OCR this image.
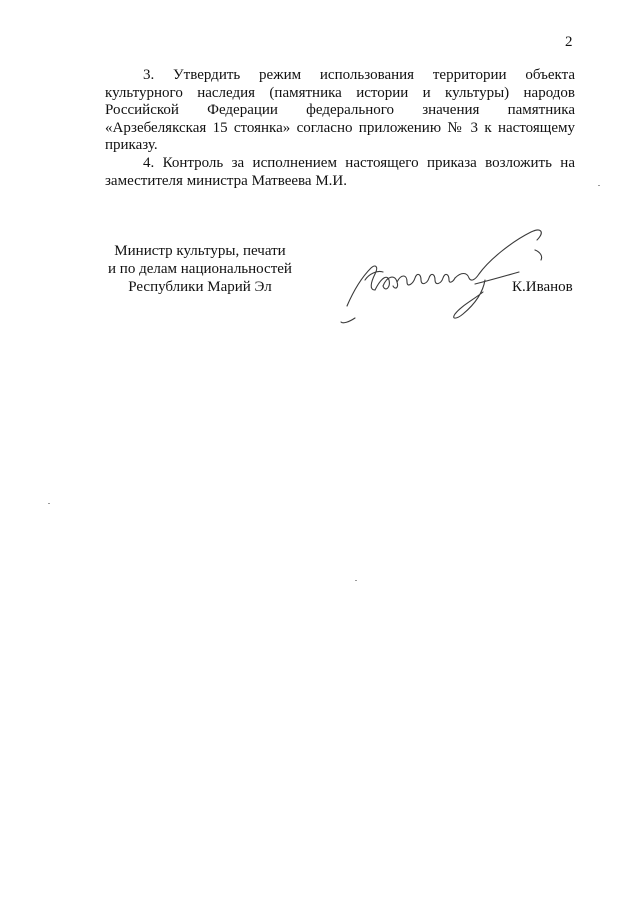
2

3. Утвердить режим использования территории объекта культурного наследия (памятника истории и культуры) народов Российской Федерации федерального значения памятника «Арзебелякская 15 стоянка» согласно приложению № 3 к настоящему приказу.

4. Контроль за исполнением настоящего приказа возложить на заместителя министра Матвеева М.И.

Министр культуры, печати
и по делам национальностей
Республики Марий Эл	К.Иванов
